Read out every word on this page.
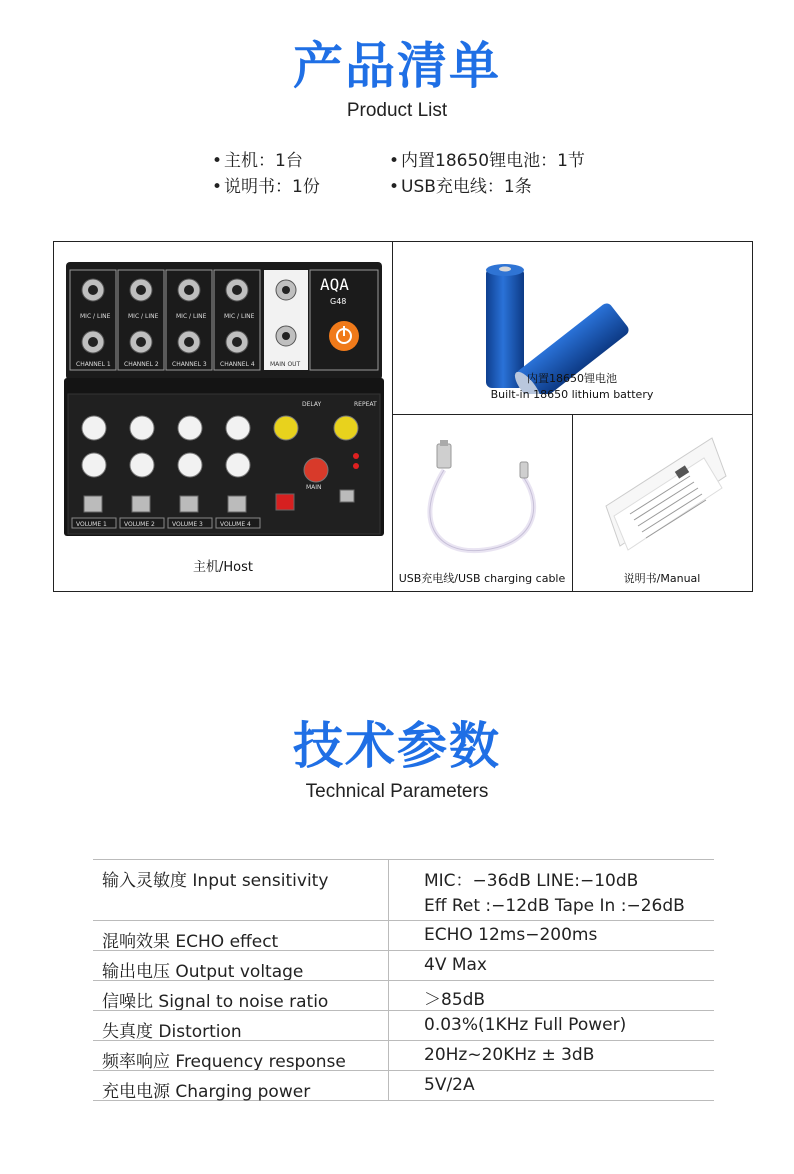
产品清单
Product List
• 主机：1台
• 说明书：1份
• 内置18650锂电池：1节
• USB充电线：1条
MIC / LINE	MIC / LINE	MIC / LINE	MIC / LINE
CHANNEL 1 CHANNEL 2 CHANNEL 3 CHANNEL 4	MAIN OUT
VOLUME 1	VOLUME 2	VOLUME 3	VOLUME 4
DELAY	REPEAT
MAIN
AQA
G48
主机/Host
内置18650锂电池
Built-in 18650 lithium battery
USB充电线/USB charging cable	说明书/Manual
技术参数
Technical Parameters
输入灵敏度 Input sensitivity	MIC：−36dB LINE:−10dB
Eff Ret :−12dB Tape In :−26dB
混响效果 ECHO effect	ECHO 12ms−200ms
输出电压 Output voltage	4V Max
信噪比 Signal to noise ratio	＞85dB
失真度 Distortion	0.03%(1KHz Full Power)
频率响应 Frequency response	20Hz~20KHz ± 3dB
充电电源 Charging power	5V/2A
